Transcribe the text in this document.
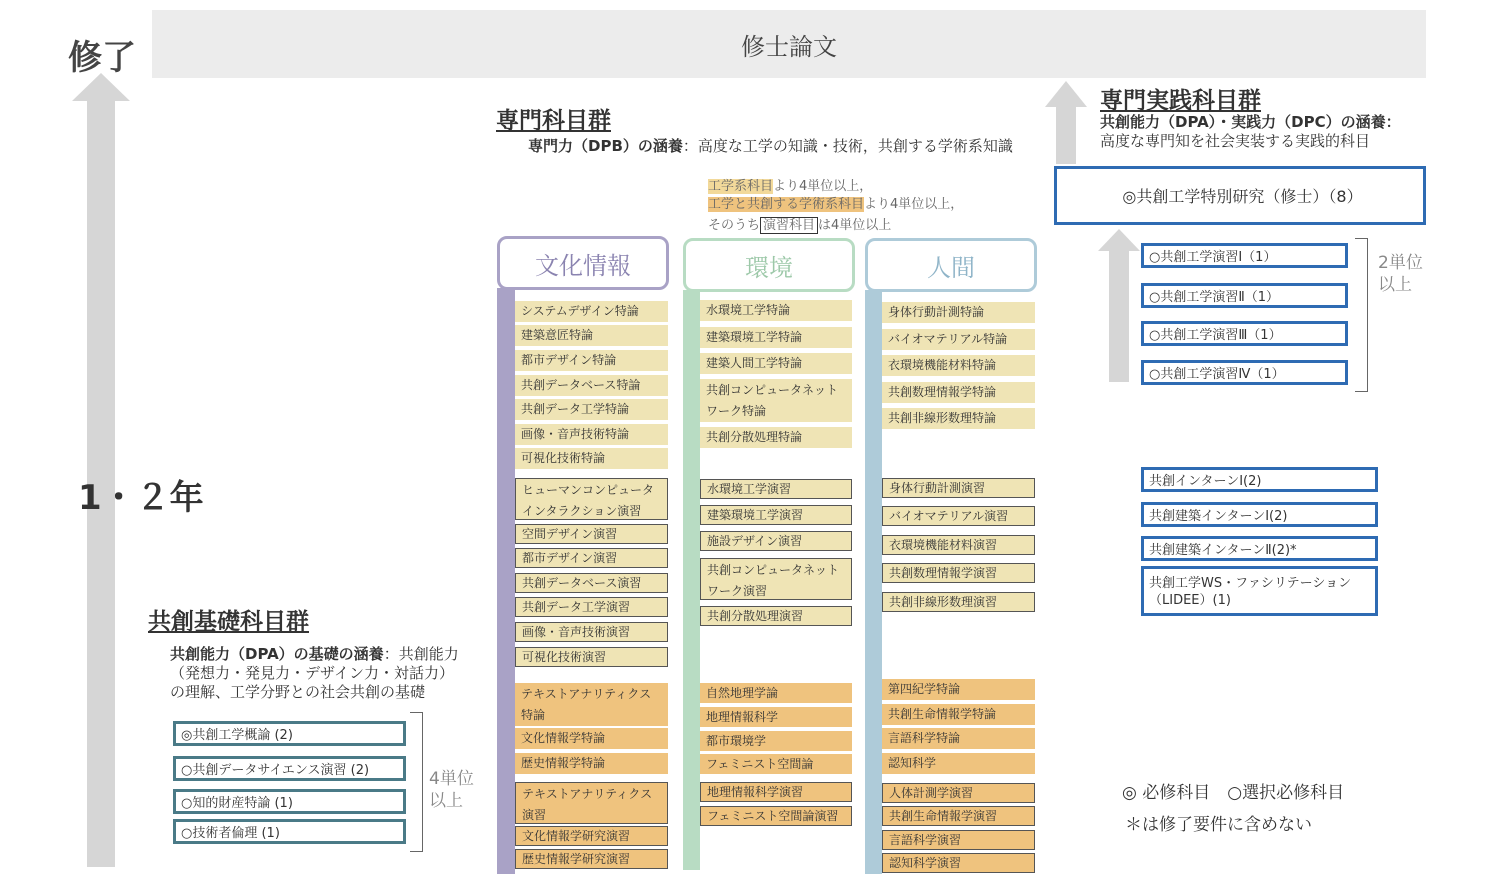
修士論文
修了
1・２年
専門科目群
専門力（DPB）の涵養：高度な工学の知識・技術，共創する学術系知識
工学系科目より4単位以上，
工学と共創する学術系科目より4単位以上，
そのうち 演習科目 は4単位以上
文化情報
システムデザイン特論
建築意匠特論
都市デザイン特論
共創データベース特論
共創データ工学特論
画像・音声技術特論
可視化技術特論
ヒューマンコンピュータ
インタラクション演習
空間デザイン演習
都市デザイン演習
共創データベース演習
共創データ工学演習
画像・音声技術演習
可視化技術演習
テキストアナリティクス
特論
文化情報学特論
歴史情報学特論
テキストアナリティクス
演習
文化情報学研究演習
歴史情報学研究演習
環境
水環境工学特論
建築環境工学特論
建築人間工学特論
共創コンピュータネット
ワーク特論
共創分散処理特論
水環境工学演習
建築環境工学演習
施設デザイン演習
共創コンピュータネット
ワーク演習
共創分散処理演習
自然地理学論
地理情報科学
都市環境学
フェミニスト空間論
地理情報科学演習
フェミニスト空間論演習
人間
身体行動計測特論
バイオマテリアル特論
衣環境機能材料特論
共創数理情報学特論
共創非線形数理特論
身体行動計測演習
バイオマテリアル演習
衣環境機能材料演習
共創数理情報学演習
共創非線形数理演習
第四紀学特論
共創生命情報学特論
言語科学特論
認知科学
人体計測学演習
共創生命情報学演習
言語科学演習
認知科学演習
専門実践科目群
共創能力（DPA）・実践力（DPC）の涵養：
高度な専門知を社会実装する実践的科目
◎共創工学特別研究（修士）（8）
○共創工学演習Ⅰ（1）
○共創工学演習Ⅱ（1）
○共創工学演習Ⅲ（1）
○共創工学演習Ⅳ（1）
2単位
以上
共創インターンⅠ(2)
共創建築インターンⅠ(2)
共創建築インターンⅡ(2)*
共創工学WS・ファシリテーション
（LIDEE）(1)
共創基礎科目群
共創能力（DPA）の基礎の涵養：共創能力
（発想力・発見力・デザイン力・対話力）
の理解、工学分野との社会共創の基礎
◎共創工学概論 (2)
○共創データサイエンス演習 (2)
○知的財産特論 (1)
○技術者倫理 (1)
4単位
以上	◎ 必修科目　○選択必修科目
＊は修了要件に含めない
